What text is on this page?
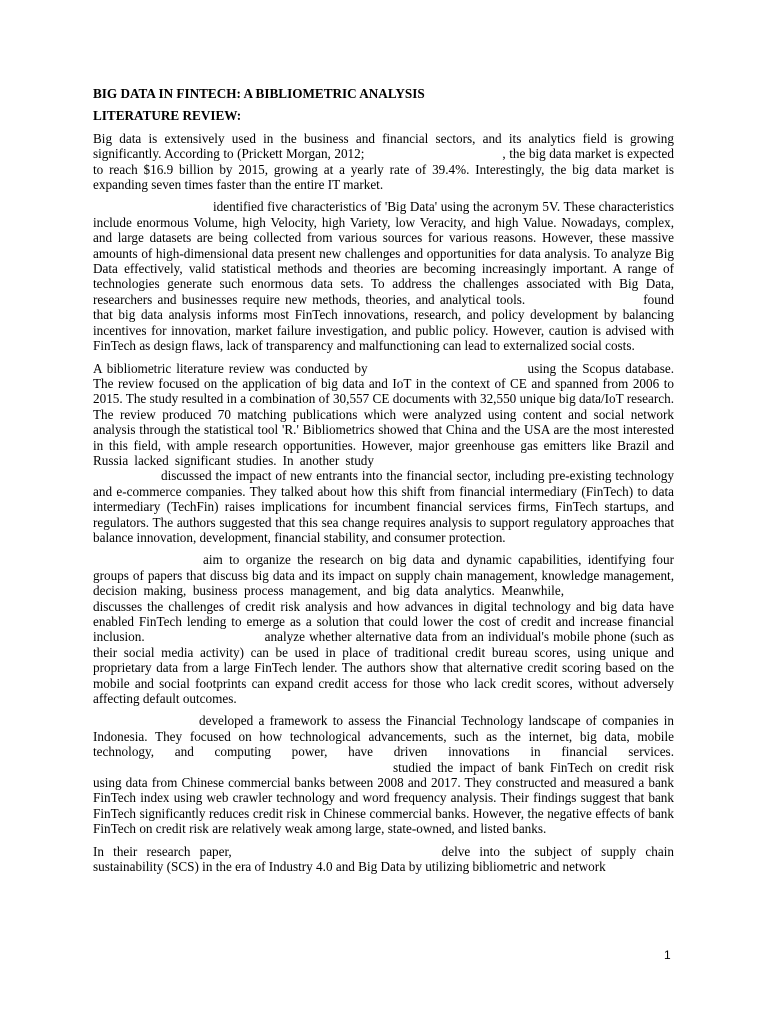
BIG DATA IN FINTECH: A BIBLIOMETRIC ANALYSIS

LITERATURE REVIEW:

Big data is extensively used in the business and financial sectors, and its analytics field is growing significantly. According to (Prickett Morgan, 2012;	, the big data market is expected to reach $16.9 billion by 2015, growing at a yearly rate of 39.4%. Interestingly, the big data market is expanding seven times faster than the entire IT market.

identified five characteristics of 'Big Data' using the acronym 5V. These characteristics include enormous Volume, high Velocity, high Variety, low Veracity, and high Value. Nowadays, complex, and large datasets are being collected from various sources for various reasons. However, these massive amounts of high-dimensional data present new challenges and opportunities for data analysis. To analyze Big Data effectively, valid statistical methods and theories are becoming increasingly important. A range of technologies generate such enormous data sets. To address the challenges associated with Big Data, researchers and businesses require new methods, theories, and analytical tools.	found that big data analysis informs most FinTech innovations, research, and policy development by balancing incentives for innovation, market failure investigation, and public policy. However, caution is advised with FinTech as design flaws, lack of transparency and malfunctioning can lead to externalized social costs.

A bibliometric literature review was conducted by	using the Scopus database. The review focused on the application of big data and IoT in the context of CE and spanned from 2006 to 2015. The study resulted in a combination of 30,557 CE documents with 32,550 unique big data/IoT research. The review produced 70 matching publications which were analyzed using content and social network analysis through the statistical tool 'R.' Bibliometrics showed that China and the USA are the most interested in this field, with ample research opportunities. However, major greenhouse gas emitters like Brazil and Russia lacked significant studies. In another studydiscussed the impact of new entrants into the financial sector, including pre-existing technology and e-commerce companies. They talked about how this shift from financial intermediary (FinTech) to data intermediary (TechFin) raises implications for incumbent financial services firms, FinTech startups, and regulators. The authors suggested that this sea change requires analysis to support regulatory approaches that balance innovation, development, financial stability, and consumer protection.

aim to organize the research on big data and dynamic capabilities, identifying four groups of papers that discuss big data and its impact on supply chain management, knowledge management, decision making, business process management, and big data analytics. Meanwhile,discusses the challenges of credit risk analysis and how advances in digital technology and big data have enabled FinTech lending to emerge as a solution that could lower the cost of credit and increase financial inclusion.	analyze whether alternative data from an individual's mobile phone (such as their social media activity) can be used in place of traditional credit bureau scores, using unique and proprietary data from a large FinTech lender. The authors show that alternative credit scoring based on the mobile and social footprints can expand credit access for those who lack credit scores, without adversely affecting default outcomes.

developed a framework to assess the Financial Technology landscape of companies in Indonesia. They focused on how technological advancements, such as the internet, big data, mobile technology, and computing power, have driven innovations in financial services.studied the impact of bank FinTech on credit risk using data from Chinese commercial banks between 2008 and 2017. They constructed and measured a bank FinTech index using web crawler technology and word frequency analysis. Their findings suggest that bank FinTech significantly reduces credit risk in Chinese commercial banks. However, the negative effects of bank FinTech on credit risk are relatively weak among large, state-owned, and listed banks.

In their research paper,	delve into the subject of supply chain sustainability (SCS) in the era of Industry 4.0 and Big Data by utilizing bibliometric and network

1
